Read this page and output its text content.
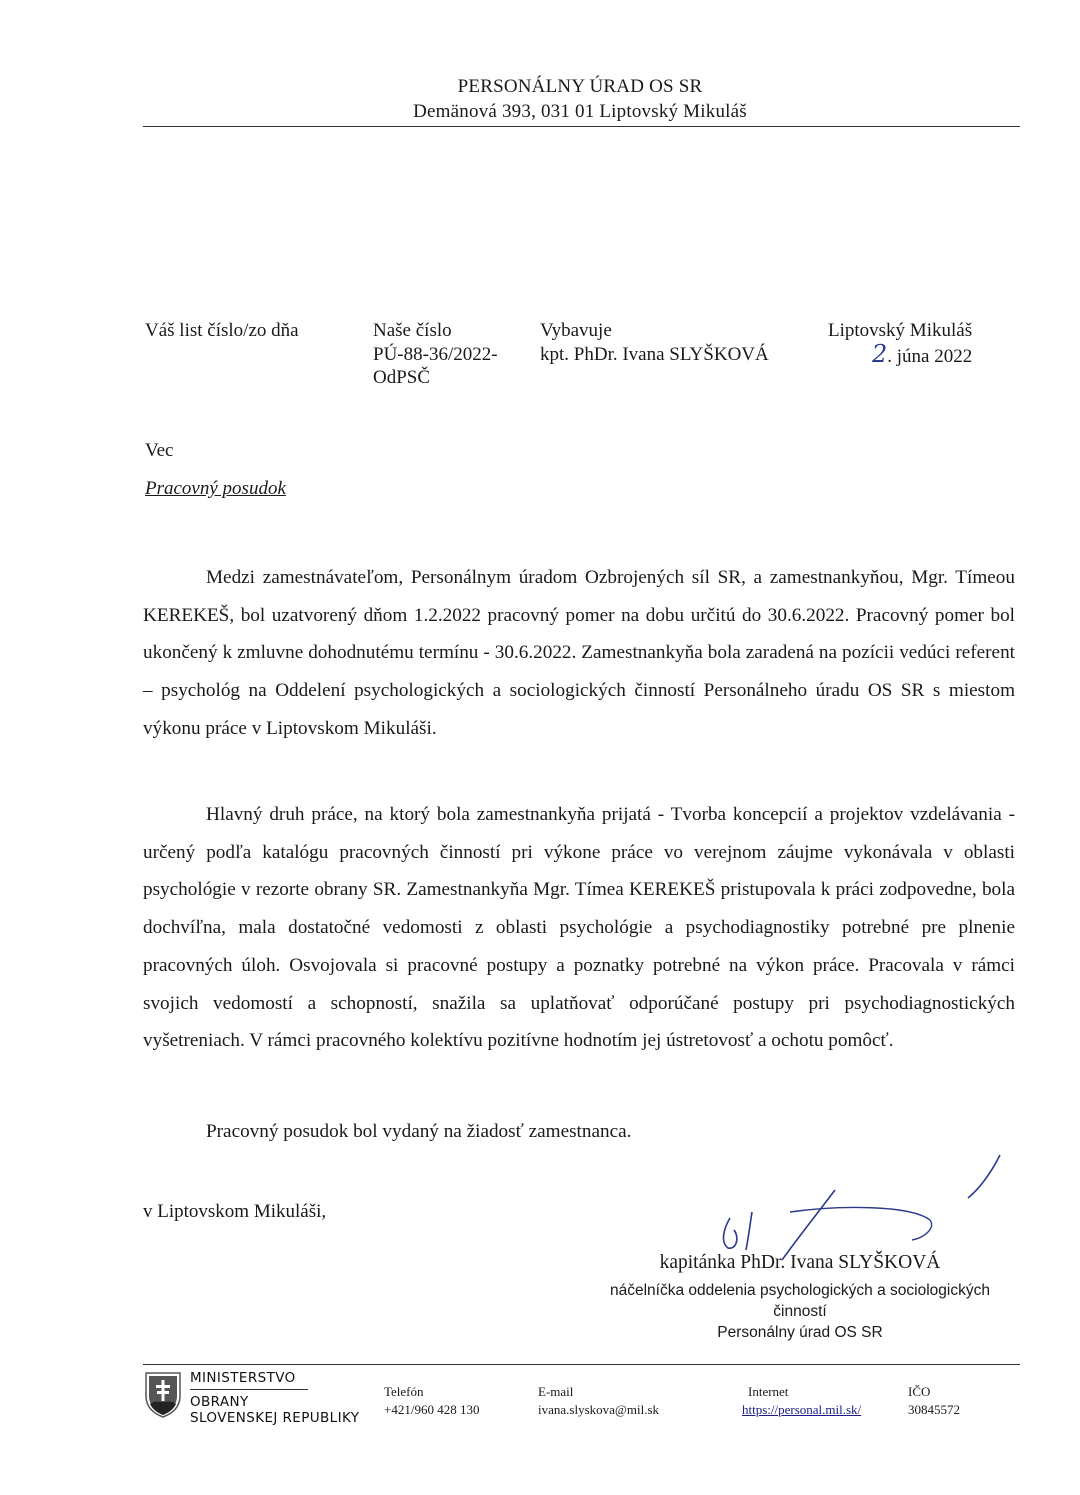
PERSONÁLNY ÚRAD OS SR
Demänová 393, 031 01 Liptovský Mikuláš
Váš list číslo/zo dňa	Naše číslo
PÚ-88-36/2022-
OdPSČ
Vybavuje
kpt. PhDr. Ivana SLYŠKOVÁ
Liptovský Mikuláš
2. júna 2022
Vec
Pracovný posudok

Medzi zamestnávateľom, Personálnym úradom Ozbrojených síl SR, a zamestnankyňou, Mgr. Tímeou KEREKEŠ, bol uzatvorený dňom 1.2.2022 pracovný pomer na dobu určitú do 30.6.2022. Pracovný pomer bol ukončený k zmluvne dohodnutému termínu - 30.6.2022. Zamestnankyňa bola zaradená na pozícii vedúci referent – psychológ na Oddelení psychologických a sociologických činností Personálneho úradu OS SR s miestom výkonu práce v Liptovskom Mikuláši.

Hlavný druh práce, na ktorý bola zamestnankyňa prijatá - Tvorba koncepcií a projektov vzdelávania - určený podľa katalógu pracovných činností pri výkone práce vo verejnom záujme vykonávala v oblasti psychológie v rezorte obrany SR. Zamestnankyňa Mgr. Tímea KEREKEŠ pristupovala k práci zodpovedne, bola dochvíľna, mala dostatočné vedomosti z oblasti psychológie a psychodiagnostiky potrebné pre plnenie pracovných úloh. Osvojovala si pracovné postupy a poznatky potrebné na výkon práce. Pracovala v rámci svojich vedomostí a schopností, snažila sa uplatňovať odporúčané postupy pri psychodiagnostických vyšetreniach. V rámci pracovného kolektívu pozitívne hodnotím jej ústretovosť a ochotu pomôcť.

Pracovný posudok bol vydaný na žiadosť zamestnanca.

v Liptovskom Mikuláši,
kapitánka PhDr. Ivana SLYŠKOVÁ
náčelníčka oddelenia psychologických a sociologických
činností
Personálny úrad OS SR
MINISTERSTVO
OBRANY
SLOVENSKEJ REPUBLIKY
Telefón
+421/960 428 130
E-mail
ivana.slyskova@mil.sk
Internet
https://personal.mil.sk/
IČO
30845572
